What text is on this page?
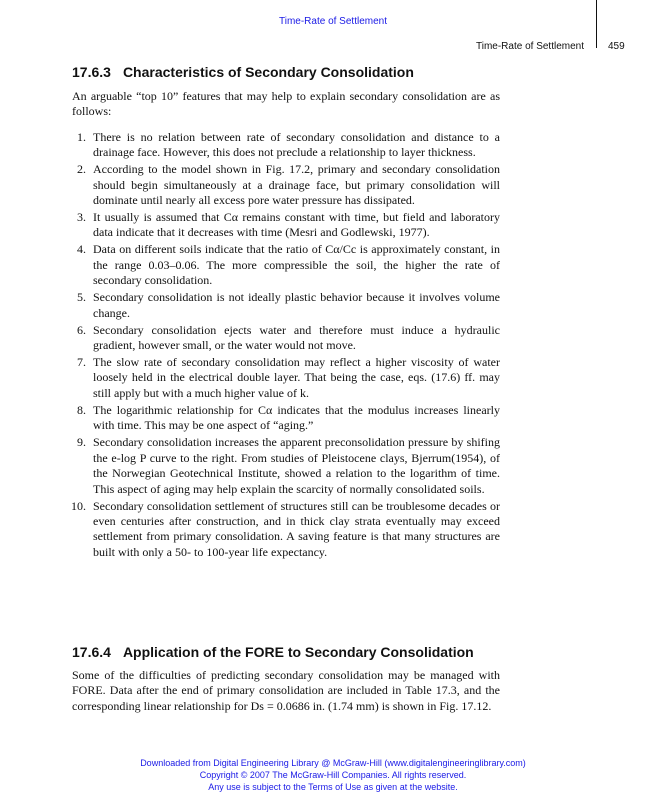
Time-Rate of Settlement
Time-Rate of Settlement 459
17.6.3 Characteristics of Secondary Consolidation

An arguable “top 10” features that may help to explain secondary consolidation are as follows:

1. There is no relation between rate of secondary consolidation and distance to a drainage face. However, this does not preclude a relationship to layer thickness.
2. According to the model shown in Fig. 17.2, primary and secondary consolidation should begin simultaneously at a drainage face, but primary consolidation will dominate until nearly all excess pore water pressure has dissipated.
3. It usually is assumed that Cα remains constant with time, but field and laboratory data indicate that it decreases with time (Mesri and Godlewski, 1977).
4. Data on different soils indicate that the ratio of Cα/Cc is approximately constant, in the range 0.03–0.06. The more compressible the soil, the higher the rate of secondary consolidation.
5. Secondary consolidation is not ideally plastic behavior because it involves volume change.
6. Secondary consolidation ejects water and therefore must induce a hydraulic gradient, however small, or the water would not move.
7. The slow rate of secondary consolidation may reflect a higher viscosity of water loosely held in the electrical double layer. That being the case, eqs. (17.6) ff. may still apply but with a much higher value of k.
8. The logarithmic relationship for Cα indicates that the modulus increases linearly with time. This may be one aspect of “aging.”
9. Secondary consolidation increases the apparent preconsolidation pressure by shifing the e-log P curve to the right. From studies of Pleistocene clays, Bjerrum(1954), of the Norwegian Geotechnical Institute, showed a relation to the logarithm of time. This aspect of aging may help explain the scarcity of normally consolidated soils.
10. Secondary consolidation settlement of structures still can be troublesome decades or even centuries after construction, and in thick clay strata eventually may exceed settlement from primary consolidation. A saving feature is that many structures are built with only a 50- to 100-year life expectancy.
17.6.4 Application of the FORE to Secondary Consolidation

Some of the difficulties of predicting secondary consolidation may be managed with FORE. Data after the end of primary consolidation are included in Table 17.3, and the corresponding linear relationship for Ds = 0.0686 in. (1.74 mm) is shown in Fig. 17.12.

Downloaded from Digital Engineering Library @ McGraw-Hill (www.digitalengineeringlibrary.com)
Copyright © 2007 The McGraw-Hill Companies. All rights reserved.
Any use is subject to the Terms of Use as given at the website.
